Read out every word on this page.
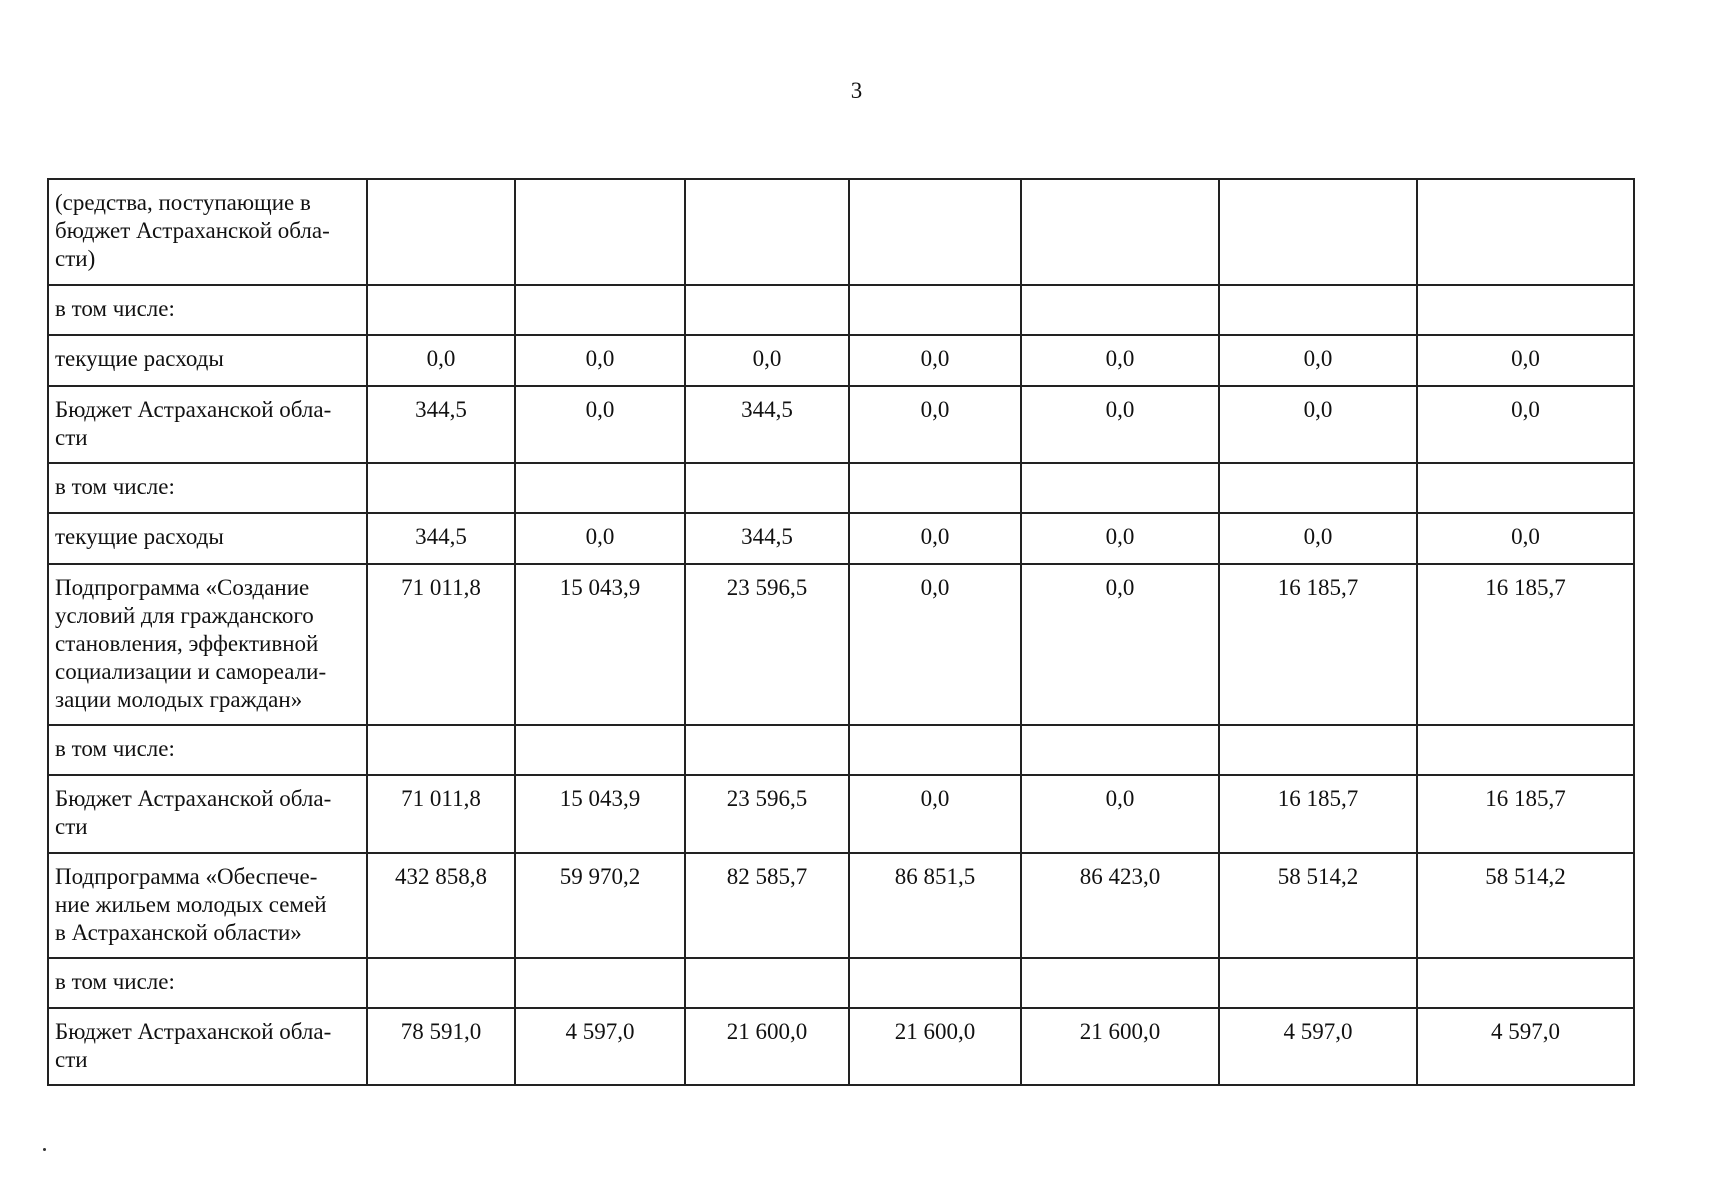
3
(средства, поступающие в
бюджет Астраханской обла-
сти)							
в том числе:							
текущие расходы	0,0	0,0	0,0	0,0	0,0	0,0	0,0
Бюджет Астраханской обла-
сти	344,5	0,0	344,5	0,0	0,0	0,0	0,0
в том числе:							
текущие расходы	344,5	0,0	344,5	0,0	0,0	0,0	0,0
Подпрограмма «Создание
условий для гражданского
становления, эффективной
социализации и самореали-
зации молодых граждан»	71 011,8	15 043,9	23 596,5	0,0	0,0	16 185,7	16 185,7
в том числе:							
Бюджет Астраханской обла-
сти	71 011,8	15 043,9	23 596,5	0,0	0,0	16 185,7	16 185,7
Подпрограмма «Обеспече-
ние жильем молодых семей
в Астраханской области»	432 858,8	59 970,2	82 585,7	86 851,5	86 423,0	58 514,2	58 514,2
в том числе:							
Бюджет Астраханской обла-
сти	78 591,0	4 597,0	21 600,0	21 600,0	21 600,0	4 597,0	4 597,0
